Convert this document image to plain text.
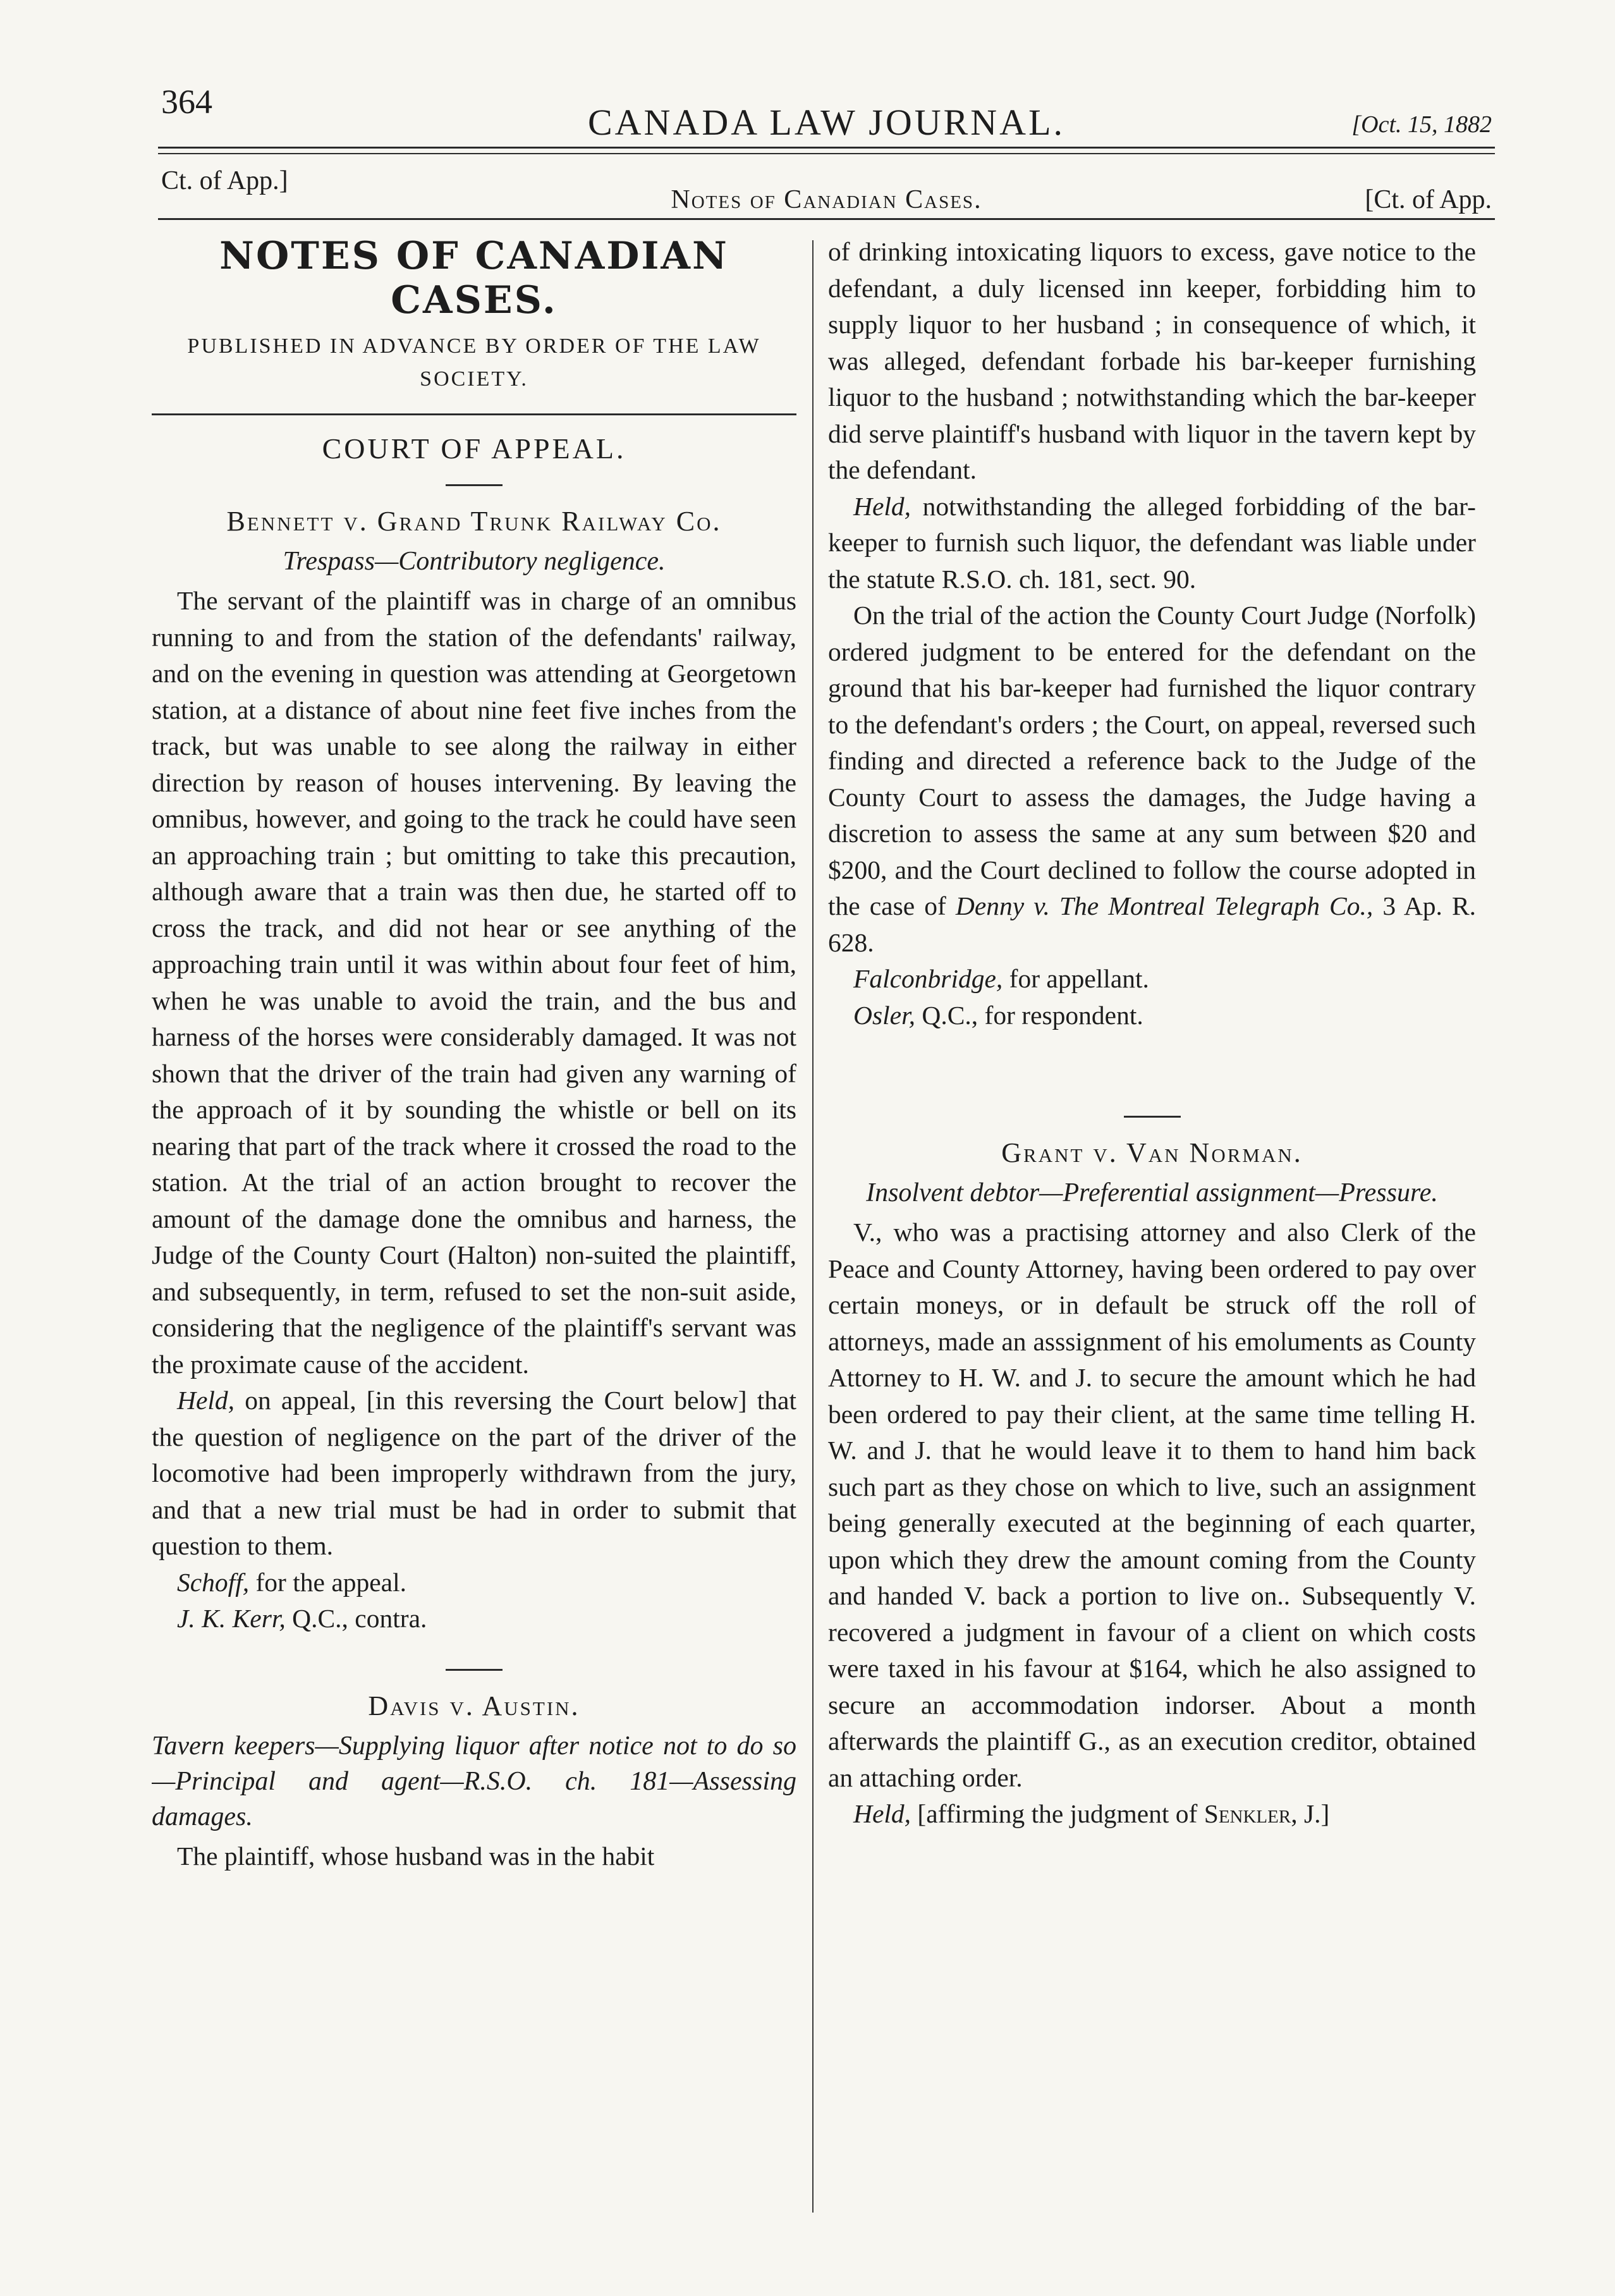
364	CANADA LAW JOURNAL.	[Oct. 15, 1882
Ct. of App.]
Notes of Canadian Cases.	[Ct. of App.
NOTES OF CANADIAN CASES.
PUBLISHED IN ADVANCE BY ORDER OF THE LAW SOCIETY.
COURT OF APPEAL.
Bennett v. Grand Trunk Railway Co.
Trespass—Contributory negligence.

The servant of the plaintiff was in charge of an omnibus running to and from the station of the defendants' railway, and on the evening in question was attending at Georgetown station, at a distance of about nine feet five inches from the track, but was unable to see along the railway in either direction by reason of houses intervening. By leaving the omnibus, however, and going to the track he could have seen an approaching train ; but omitting to take this precaution, although aware that a train was then due, he started off to cross the track, and did not hear or see anything of the approaching train until it was within about four feet of him, when he was unable to avoid the train, and the bus and harness of the horses were considerably damaged. It was not shown that the driver of the train had given any warning of the approach of it by sounding the whistle or bell on its nearing that part of the track where it crossed the road to the station. At the trial of an action brought to recover the amount of the damage done the omnibus and harness, the Judge of the County Court (Halton) non-suited the plaintiff, and subsequently, in term, refused to set the non-suit aside, considering that the negligence of the plaintiff's servant was the proximate cause of the accident.

Held, on appeal, [in this reversing the Court below] that the question of negligence on the part of the driver of the locomotive had been improperly withdrawn from the jury, and that a new trial must be had in order to submit that question to them.

Schoff, for the appeal.

J. K. Kerr, Q.C., contra.

Davis v. Austin.
Tavern keepers—Supplying liquor after notice not to do so—Principal and agent—R.S.O. ch. 181—Assessing damages.

The plaintiff, whose husband was in the habit

of drinking intoxicating liquors to excess, gave notice to the defendant, a duly licensed inn keeper, forbidding him to supply liquor to her husband ; in consequence of which, it was alleged, defendant forbade his bar-keeper furnishing liquor to the husband ; notwithstanding which the bar-keeper did serve plaintiff's husband with liquor in the tavern kept by the defendant.

Held, notwithstanding the alleged forbidding of the bar-keeper to furnish such liquor, the defendant was liable under the statute R.S.O. ch. 181, sect. 90.

On the trial of the action the County Court Judge (Norfolk) ordered judgment to be entered for the defendant on the ground that his bar-keeper had furnished the liquor contrary to the defendant's orders ; the Court, on appeal, reversed such finding and directed a reference back to the Judge of the County Court to assess the damages, the Judge having a discretion to assess the same at any sum between $20 and $200, and the Court declined to follow the course adopted in the case of Denny v. The Montreal Telegraph Co., 3 Ap. R. 628.

Falconbridge, for appellant.

Osler, Q.C., for respondent.

Grant v. Van Norman.
Insolvent debtor—Preferential assignment—Pressure.

V., who was a practising attorney and also Clerk of the Peace and County Attorney, having been ordered to pay over certain moneys, or in default be struck off the roll of attorneys, made an asssignment of his emoluments as County Attorney to H. W. and J. to secure the amount which he had been ordered to pay their client, at the same time telling H. W. and J. that he would leave it to them to hand him back such part as they chose on which to live, such an assignment being generally executed at the beginning of each quarter, upon which they drew the amount coming from the County and handed V. back a portion to live on.. Subsequently V. recovered a judgment in favour of a client on which costs were taxed in his favour at $164, which he also assigned to secure an accommodation indorser. About a month afterwards the plaintiff G., as an execution creditor, obtained an attaching order.

Held, [affirming the judgment of Senkler, J.]
